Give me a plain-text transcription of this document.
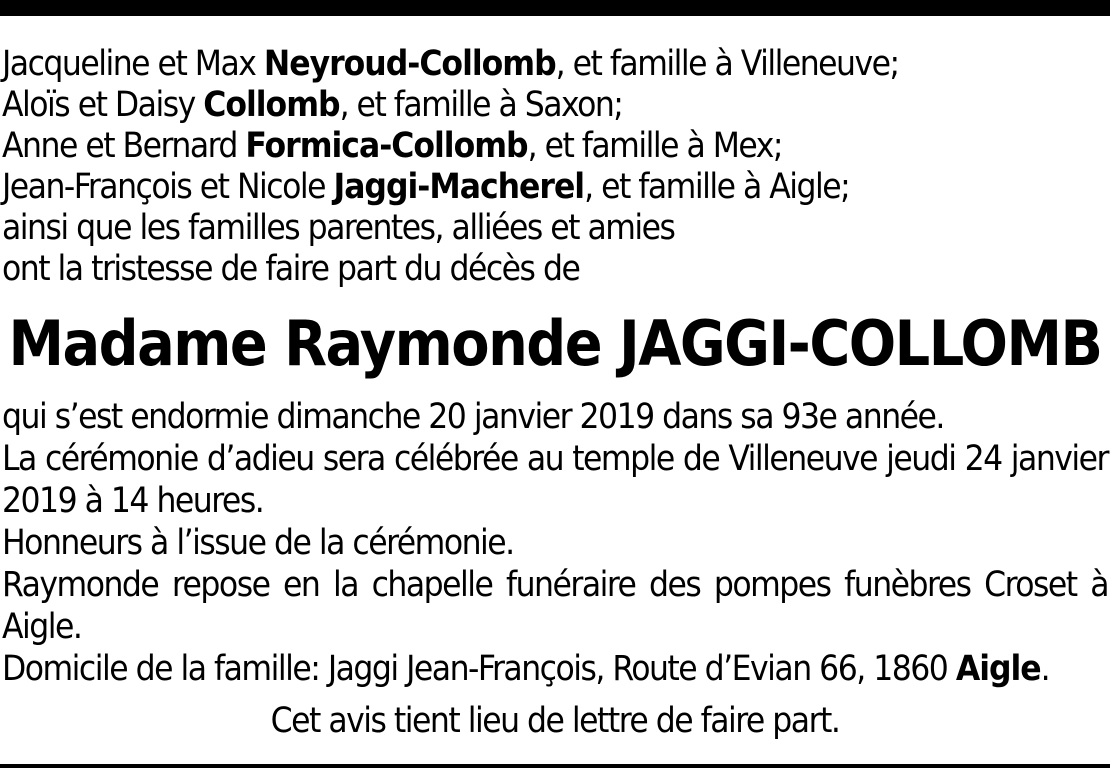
Jacqueline et Max Neyroud-Collomb, et famille à Villeneuve;
Aloïs et Daisy Collomb, et famille à Saxon;
Anne et Bernard Formica-Collomb, et famille à Mex;
Jean-François et Nicole Jaggi-Macherel, et famille à Aigle;
ainsi que les familles parentes, alliées et amies
ont la tristesse de faire part du décès de
Madame Raymonde JAGGI-COLLOMB
qui s’est endormie dimanche 20 janvier 2019 dans sa 93e année.
La cérémonie d’adieu sera célébrée au temple de Villeneuve jeudi 24 janvier 2019 à 14 heures.
Honneurs à l’issue de la cérémonie.
Raymonde repose en la chapelle funéraire des pompes funèbres Croset à Aigle.
Domicile de la famille: Jaggi Jean-François, Route d’Evian 66, 1860 Aigle.
Cet avis tient lieu de lettre de faire part.
